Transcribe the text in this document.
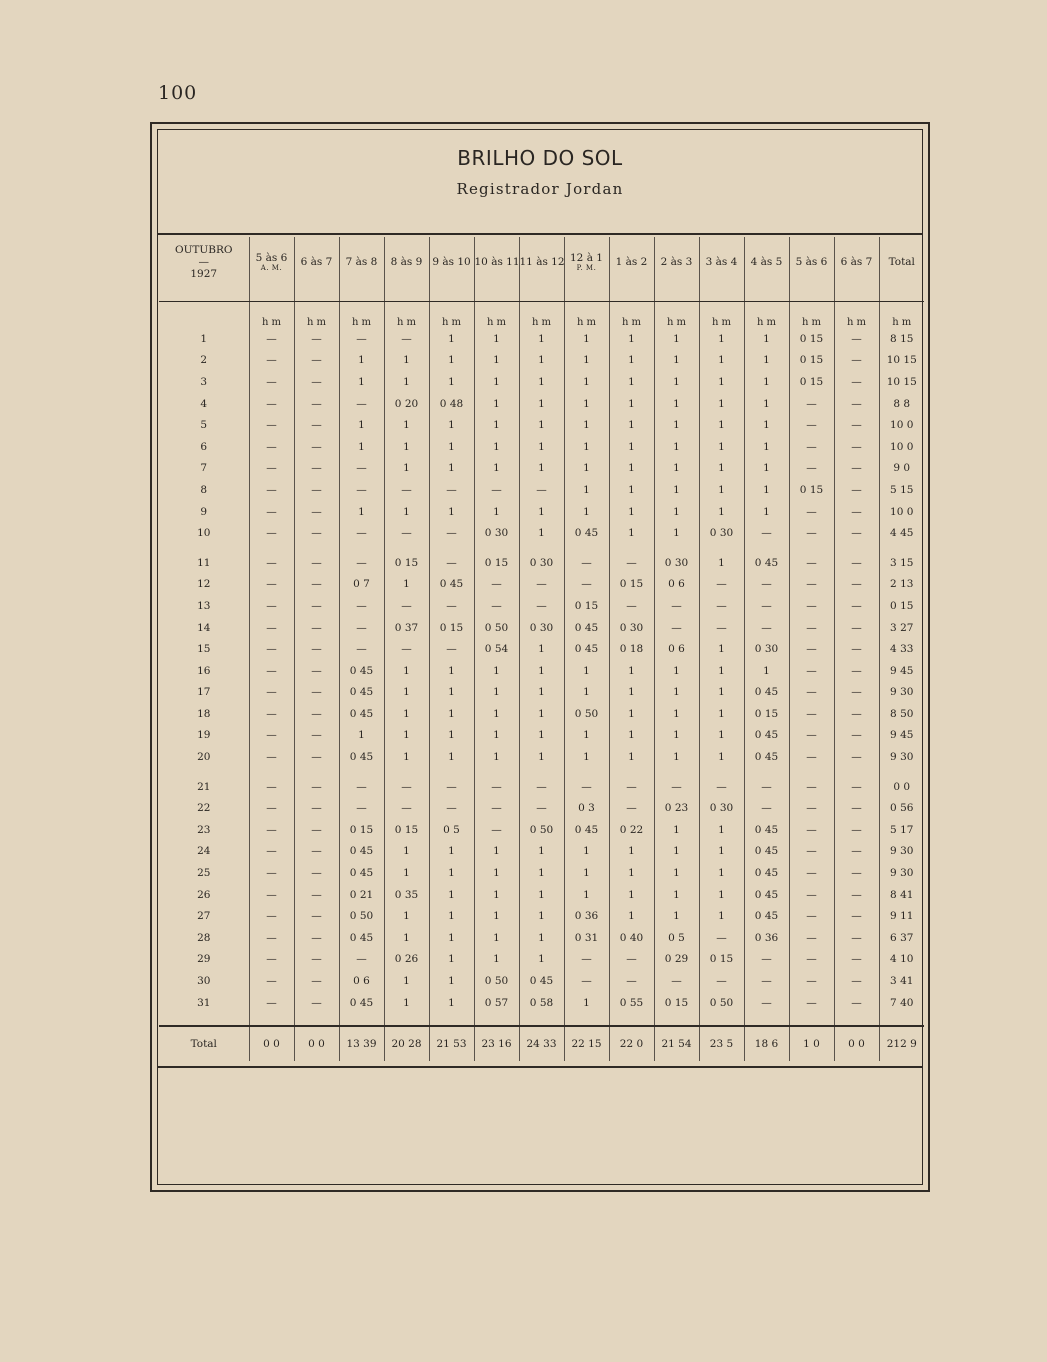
100
BRILHO DO SOL
Registrador Jordan
OUTUBRO
—
1927	5 às 6
A. M.	6 às 7	7 às 8	8 às 9	9 às 10	10 às 11	11 às 12	12 à 1
P. M.	1 às 2	2 às 3	3 às 4	4 às 5	5 às 6	6 às 7	Total

	h m	h m	h m	h m	h m	h m	h m	h m	h m	h m	h m	h m	h m	h m	h m
1	—	—	—	—	1	1	1	1	1	1	1	1	0 15	—	8 15
2	—	—	1	1	1	1	1	1	1	1	1	1	0 15	—	10 15
3	—	—	1	1	1	1	1	1	1	1	1	1	0 15	—	10 15
4	—	—	—	0 20	0 48	1	1	1	1	1	1	1	—	—	8 8
5	—	—	1	1	1	1	1	1	1	1	1	1	—	—	10 0
6	—	—	1	1	1	1	1	1	1	1	1	1	—	—	10 0
7	—	—	—	1	1	1	1	1	1	1	1	1	—	—	9 0
8	—	—	—	—	—	—	—	1	1	1	1	1	0 15	—	5 15
9	—	—	1	1	1	1	1	1	1	1	1	1	—	—	10 0
10	—	—	—	—	—	0 30	1	0 45	1	1	0 30	—	—	—	4 45

11	—	—	—	0 15	—	0 15	0 30	—	—	0 30	1	0 45	—	—	3 15
12	—	—	0 7	1	0 45	—	—	—	0 15	0 6	—	—	—	—	2 13
13	—	—	—	—	—	—	—	0 15	—	—	—	—	—	—	0 15
14	—	—	—	0 37	0 15	0 50	0 30	0 45	0 30	—	—	—	—	—	3 27
15	—	—	—	—	—	0 54	1	0 45	0 18	0 6	1	0 30	—	—	4 33
16	—	—	0 45	1	1	1	1	1	1	1	1	1	—	—	9 45
17	—	—	0 45	1	1	1	1	1	1	1	1	0 45	—	—	9 30
18	—	—	0 45	1	1	1	1	0 50	1	1	1	0 15	—	—	8 50
19	—	—	1	1	1	1	1	1	1	1	1	0 45	—	—	9 45
20	—	—	0 45	1	1	1	1	1	1	1	1	0 45	—	—	9 30

21	—	—	—	—	—	—	—	—	—	—	—	—	—	—	0 0
22	—	—	—	—	—	—	—	0 3	—	0 23	0 30	—	—	—	0 56
23	—	—	0 15	0 15	0 5	—	0 50	0 45	0 22	1	1	0 45	—	—	5 17
24	—	—	0 45	1	1	1	1	1	1	1	1	0 45	—	—	9 30
25	—	—	0 45	1	1	1	1	1	1	1	1	0 45	—	—	9 30
26	—	—	0 21	0 35	1	1	1	1	1	1	1	0 45	—	—	8 41
27	—	—	0 50	1	1	1	1	0 36	1	1	1	0 45	—	—	9 11
28	—	—	0 45	1	1	1	1	0 31	0 40	0 5	—	0 36	—	—	6 37
29	—	—	—	0 26	1	1	1	—	—	0 29	0 15	—	—	—	4 10
30	—	—	0 6	1	1	0 50	0 45	—	—	—	—	—	—	—	3 41
31	—	—	0 45	1	1	0 57	0 58	1	0 55	0 15	0 50	—	—	—	7 40

Total	0 0	0 0	13 39	20 28	21 53	23 16	24 33	22 15	22 0	21 54	23 5	18 6	1 0	0 0	212 9
